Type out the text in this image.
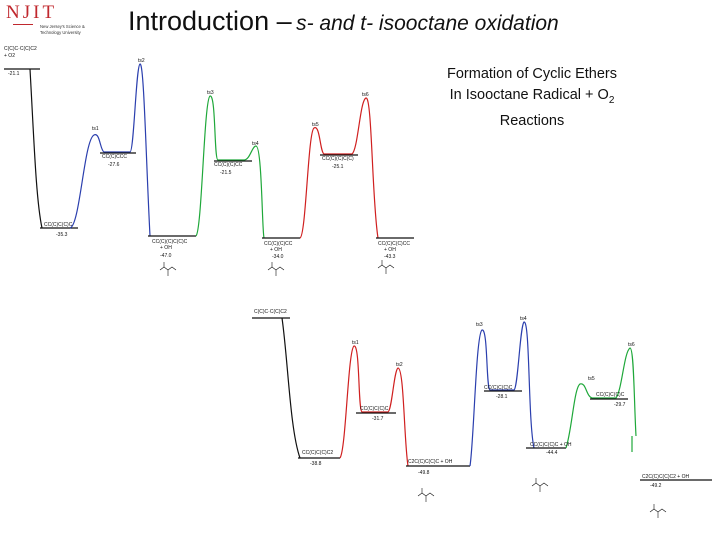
NJIT
New Jersey's Science &
Technology University Introduction – s- and t- isooctane oxidation
Formation of Cyclic Ethers
In Isooctane Radical + $O_2$ Reactions
C(C)C·C(C)C2
+ O2
-21.1
ts1
ts2
ts3
ts4
ts5
ts6
CC(C)CCC
-27.6	CC(C)(C)CC
-21.5
CC(C)(C)C(C)
-25.1
CC(C)C(C)C
-35.3
CC(C)(C)C(C)C
+ OH
-47.0
CC(C)(C)CC
+ OH
-34.0
CC(C)C(C)CC
+ OH
-43.3
C(C)C·C(C)C2
ts1
ts2
ts3
ts4
ts5
ts6
CC(C)C(C)C
-31.7
CC(C)C(C)C
-28.1	CC(C)C(C)C
-29.7
CC(C)C(C)C2
-38.8	C2C(C)C(C)C + OH
-49.8
CC(C)C(C)C + OH
-44.4
C2C(C)C(C)C2 + OH
-49.2
